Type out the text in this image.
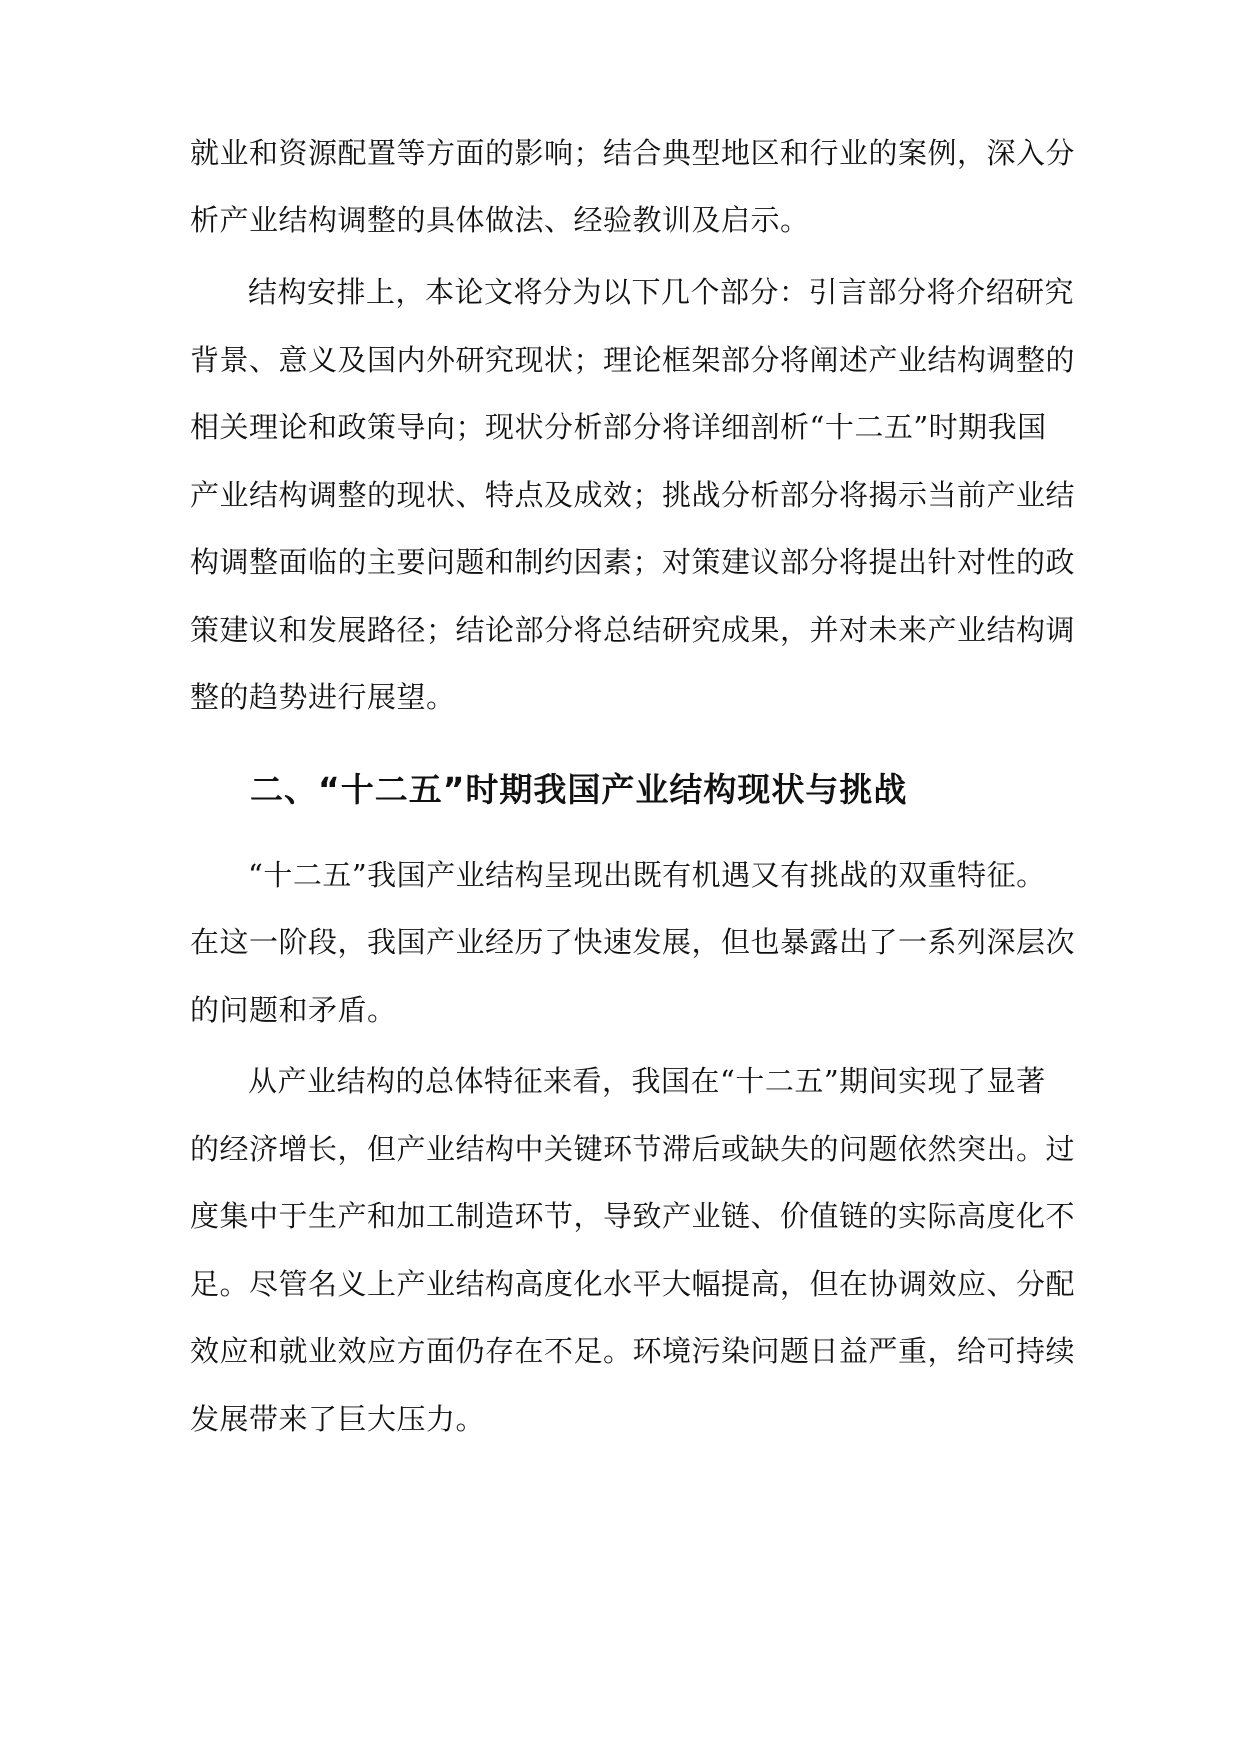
就业和资源配置等方面的影响；结合典型地区和行业的案例，深入分
析产业结构调整的具体做法、经验教训及启示。
结构安排上，本论文将分为以下几个部分：引言部分将介绍研究
背景、意义及国内外研究现状；理论框架部分将阐述产业结构调整的
相关理论和政策导向；现状分析部分将详细剖析“十二五”时期我国
产业结构调整的现状、特点及成效；挑战分析部分将揭示当前产业结
构调整面临的主要问题和制约因素；对策建议部分将提出针对性的政
策建议和发展路径；结论部分将总结研究成果，并对未来产业结构调
整的趋势进行展望。
二、“十二五”时期我国产业结构现状与挑战
“十二五”我国产业结构呈现出既有机遇又有挑战的双重特征。
在这一阶段，我国产业经历了快速发展，但也暴露出了一系列深层次
的问题和矛盾。
从产业结构的总体特征来看，我国在“十二五”期间实现了显著
的经济增长，但产业结构中关键环节滞后或缺失的问题依然突出。过
度集中于生产和加工制造环节，导致产业链、价值链的实际高度化不
足。尽管名义上产业结构高度化水平大幅提高，但在协调效应、分配
效应和就业效应方面仍存在不足。环境污染问题日益严重，给可持续
发展带来了巨大压力。
